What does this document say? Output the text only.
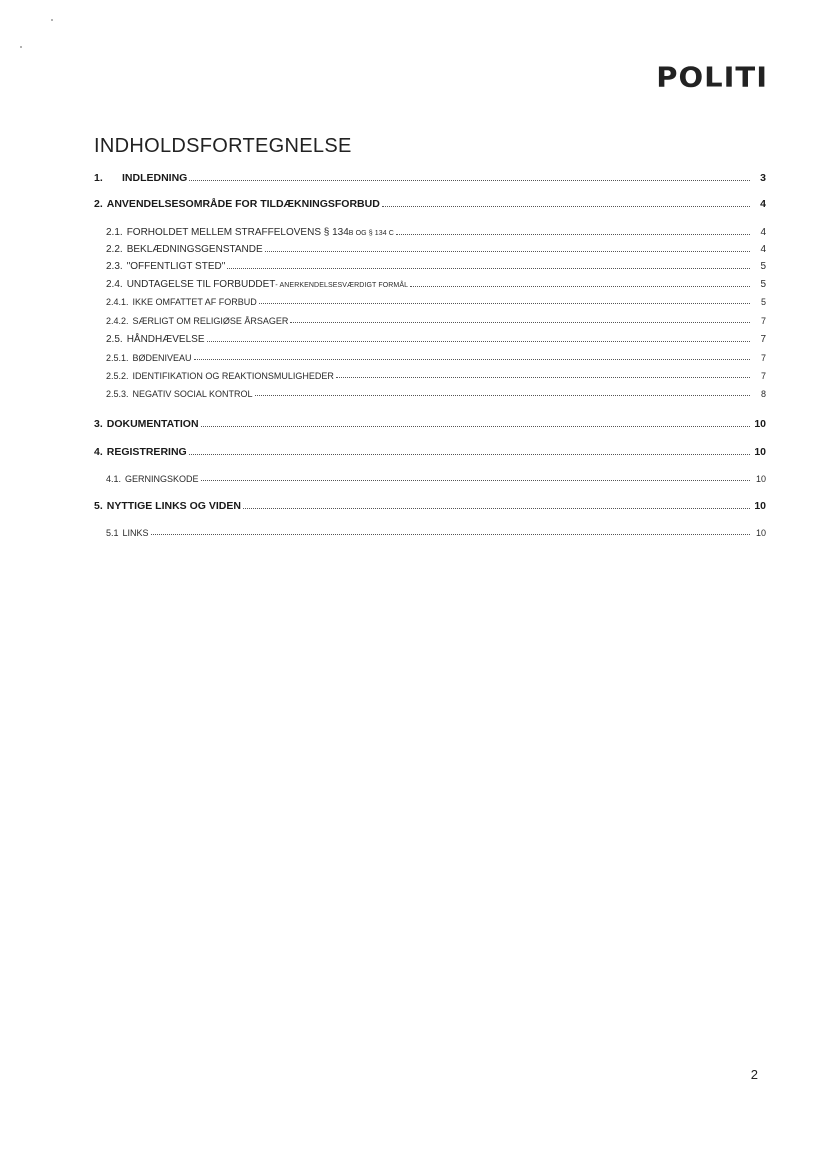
POLITI
INDHOLDSFORTEGNELSE
1.	INDLEDNING	3
2. ANVENDELSESOMRÅDE FOR TILDÆKNINGSFORBUD	4
2.1. FORHOLDET MELLEM STRAFFELOVENS § 134 B OG § 134 C	4
2.2. BEKLÆDNINGSGENSTANDE	4
2.3. "OFFENTLIGT STED"	5
2.4. UNDTAGELSE TIL FORBUDDET - ANERKENDELSESVÆRDIGT FORMÅL	5
2.4.1. IKKE OMFATTET AF FORBUD	5
2.4.2. SÆRLIGT OM RELIGIØSE ÅRSAGER	7
2.5. HÅNDHÆVELSE	7
2.5.1. BØDENIVEAU	7
2.5.2. IDENTIFIKATION OG REAKTIONSMULIGHEDER	7
2.5.3. NEGATIV SOCIAL KONTROL	8
3. DOKUMENTATION	10
4. REGISTRERING	10
4.1. GERNINGSKODE	10
5. NYTTIGE LINKS OG VIDEN	10
5.1 LINKS	10
2
